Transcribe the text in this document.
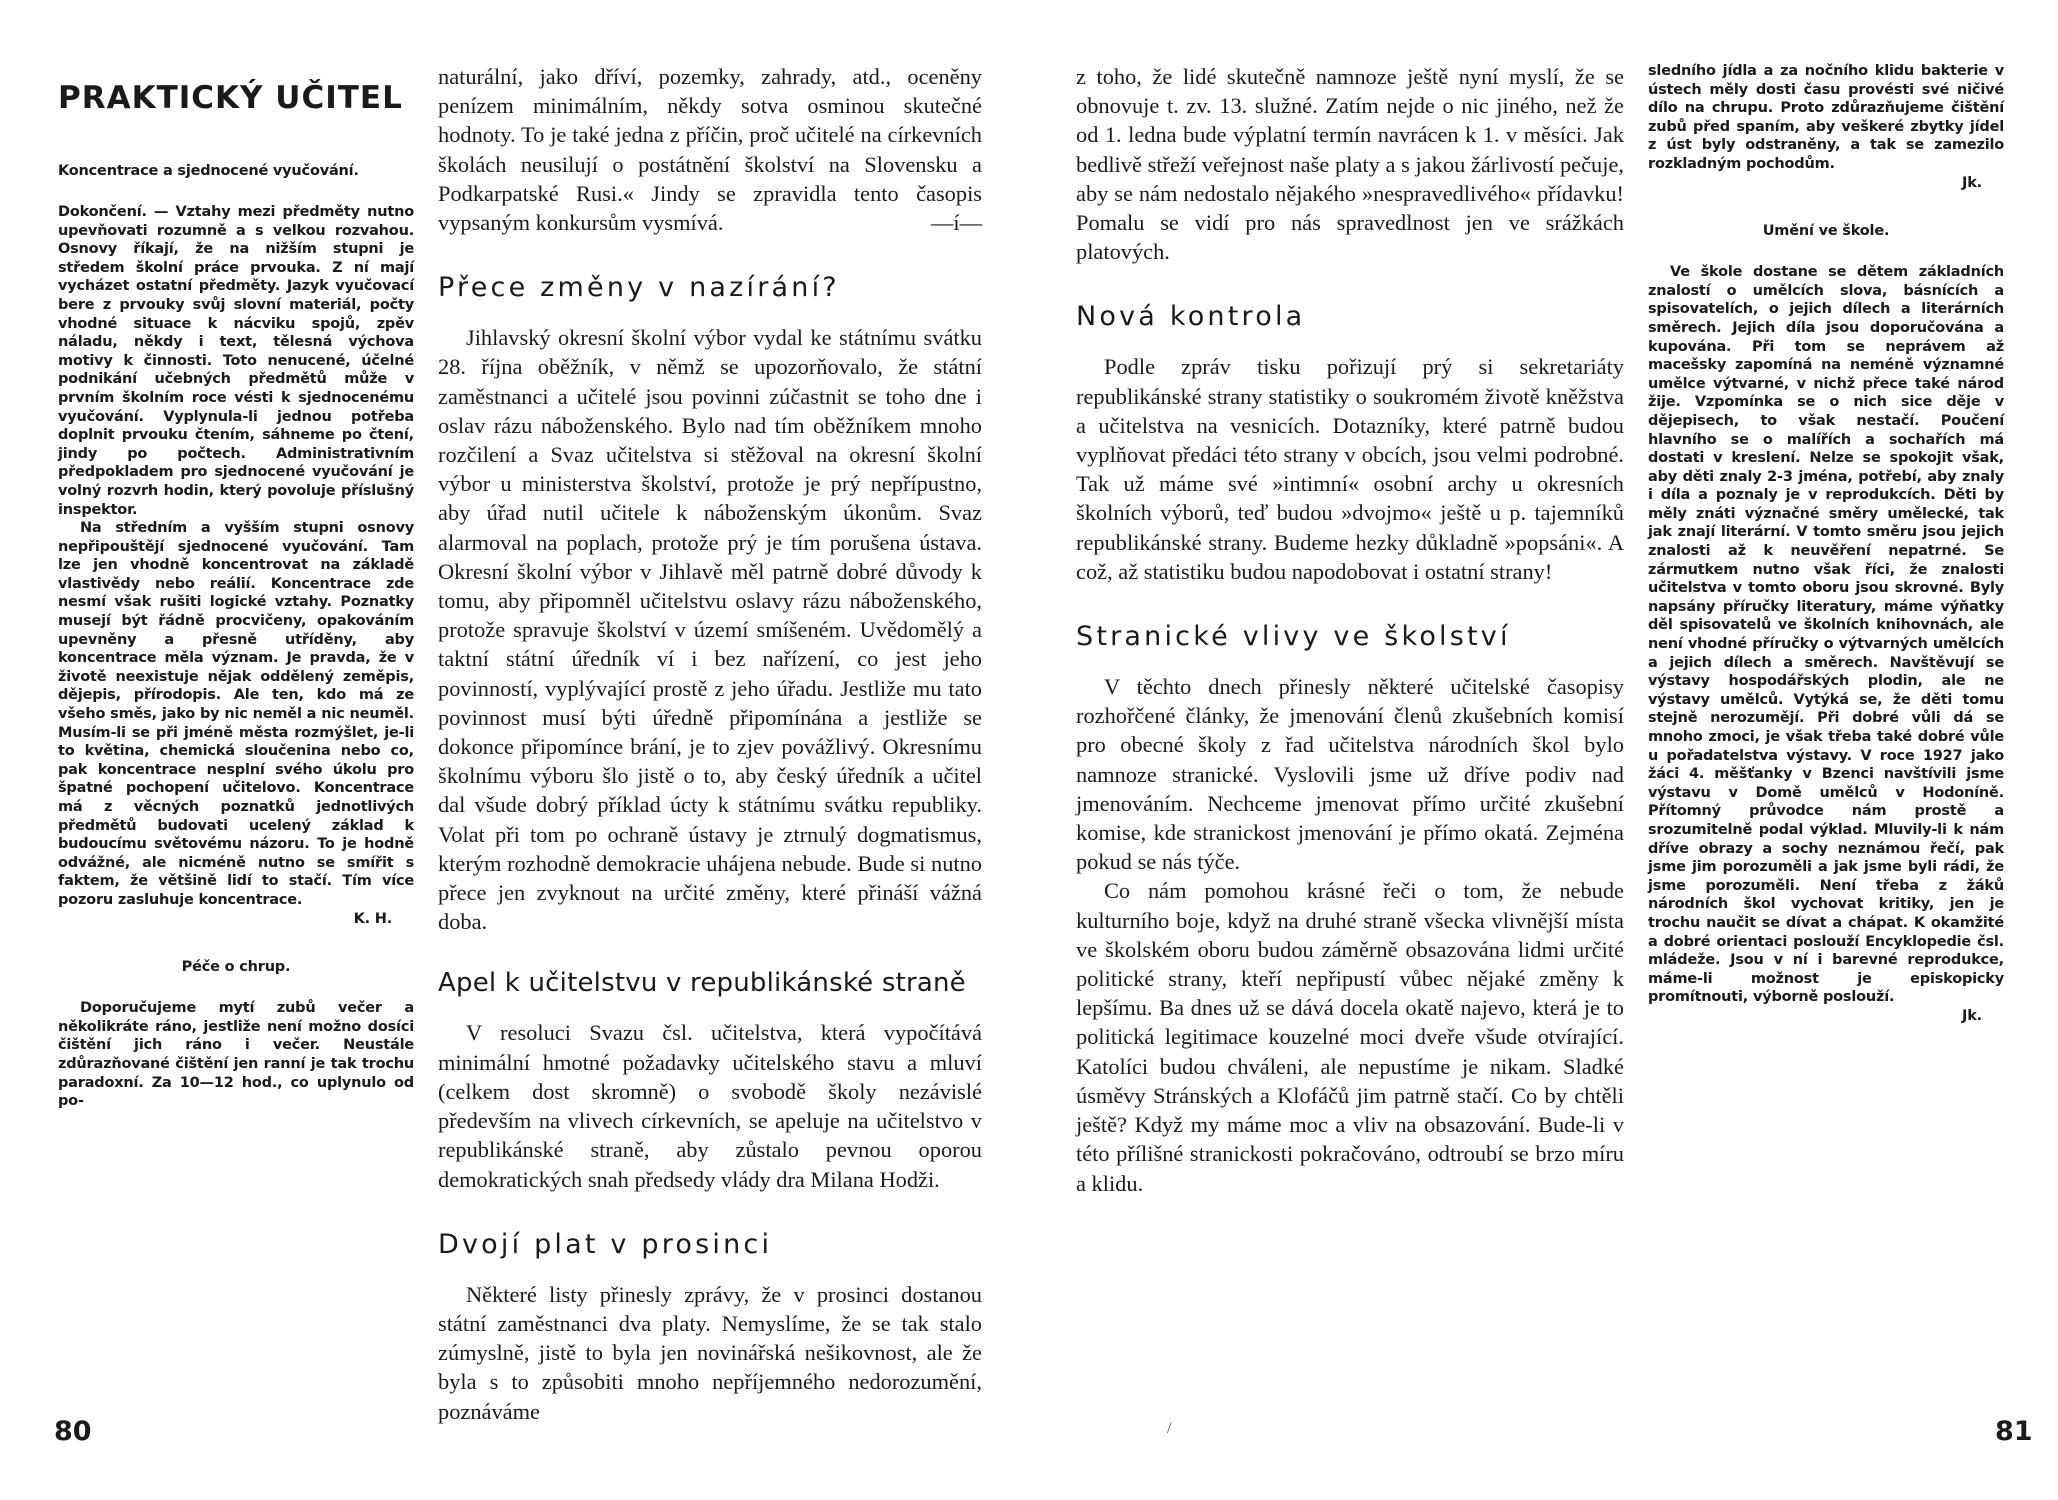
PRAKTICKÝ UČITEL
Koncentrace a sjednocené vyučování.

Dokončení. — Vztahy mezi předměty nutno upevňovati rozumně a s velkou rozvahou. Osnovy říkají, že na nižším stupni je středem školní práce prvouka. Z ní mají vycházet ostatní předměty. Jazyk vyučovací bere z prvouky svůj slovní materiál, počty vhodné situace k nácviku spojů, zpěv náladu, někdy i text, tělesná výchova motivy k činnosti. Toto nenucené, účelné podnikání učebných předmětů může v prvním školním roce vésti k sjednocenému vyučování. Vyplynula-li jednou potřeba doplnit prvouku čtením, sáhneme po čtení, jindy po počtech. Administrativním předpokladem pro sjednocené vyučování je volný rozvrh hodin, který povoluje příslušný inspektor.

Na středním a vyšším stupni osnovy nepřipouštějí sjednocené vyučování. Tam lze jen vhodně koncentrovat na základě vlastivědy nebo reálií. Koncentrace zde nesmí však rušiti logické vztahy. Poznatky musejí být řádně procvičeny, opakováním upevněny a přesně utříděny, aby koncentrace měla význam. Je pravda, že v životě neexistuje nějak oddělený zeměpis, dějepis, přírodopis. Ale ten, kdo má ze všeho směs, jako by nic neměl a nic neuměl. Musím-li se při jméně města rozmýšlet, je-li to květina, chemická sloučenina nebo co, pak koncentrace nesplní svého úkolu pro špatné pochopení učitelovo. Koncentrace má z věcných poznatků jednotlivých předmětů budovati ucelený základ k budoucímu světovému názoru. To je hodně odvážné, ale nicméně nutno se smířit s faktem, že většině lidí to stačí. Tím více pozoru zasluhuje koncentrace.

K. H.
Péče o chrup.

Doporučujeme mytí zubů večer a několikráte ráno, jestliže není možno dosíci čištění jich ráno i večer. Neustále zdůrazňované čištění jen ranní je tak trochu paradoxní. Za 10—12 hod., co uplynulo od po-

naturální, jako dříví, pozemky, zahrady, atd., oceněny penízem minimálním, někdy sotva osminou skutečné hodnoty. To je také jedna z příčin, proč učitelé na církevních školách neusilují o postátnění školství na Slovensku a Podkarpatské Rusi.« Jindy se zpravidla tento časopis vypsaným konkursům vysmívá.	—í—

Přece změny v nazírání?

Jihlavský okresní školní výbor vydal ke státnímu svátku 28. října oběžník, v němž se upozorňovalo, že státní zaměstnanci a učitelé jsou povinni zúčastnit se toho dne i oslav rázu náboženského. Bylo nad tím oběžníkem mnoho rozčilení a Svaz učitelstva si stěžoval na okresní školní výbor u ministerstva školství, protože je prý nepřípustno, aby úřad nutil učitele k náboženským úkonům. Svaz alarmoval na poplach, protože prý je tím porušena ústava. Okresní školní výbor v Jihlavě měl patrně dobré důvody k tomu, aby připomněl učitelstvu oslavy rázu náboženského, protože spravuje školství v území smíšeném. Uvědomělý a taktní státní úředník ví i bez nařízení, co jest jeho povinností, vyplývající prostě z jeho úřadu. Jestliže mu tato povinnost musí býti úředně připomínána a jestliže se dokonce připomínce brání, je to zjev povážlivý. Okresnímu školnímu výboru šlo jistě o to, aby český úředník a učitel dal všude dobrý příklad úcty k státnímu svátku republiky. Volat při tom po ochraně ústavy je ztrnulý dogmatismus, kterým rozhodně demokracie uhájena nebude. Bude si nutno přece jen zvyknout na určité změny, které přináší vážná doba.

Apel k učitelstvu v republikánské straně

V resoluci Svazu čsl. učitelstva, která vypočítává minimální hmotné požadavky učitelského stavu a mluví (celkem dost skromně) o svobodě školy nezávislé především na vlivech církevních, se apeluje na učitelstvo v republikánské straně, aby zůstalo pevnou oporou demokratických snah předsedy vlády dra Milana Hodži.

Dvojí plat v prosinci

Některé listy přinesly zprávy, že v prosinci dostanou státní zaměstnanci dva platy. Nemyslíme, že se tak stalo zúmyslně, jistě to byla jen novinářská nešikovnost, ale že byla s to způsobiti mnoho nepříjemného nedorozumění, poznáváme

80

z toho, že lidé skutečně namnoze ještě nyní myslí, že se obnovuje t. zv. 13. služné. Zatím nejde o nic jiného, než že od 1. ledna bude výplatní termín navrácen k 1. v měsíci. Jak bedlivě střeží veřejnost naše platy a s jakou žárlivostí pečuje, aby se nám nedostalo nějakého »nespravedlivého« přídavku! Pomalu se vidí pro nás spravedlnost jen ve srážkách platových.

Nová kontrola

Podle zpráv tisku pořizují prý si sekretariáty republikánské strany statistiky o soukromém životě kněžstva a učitelstva na vesnicích. Dotazníky, které patrně budou vyplňovat předáci této strany v obcích, jsou velmi podrobné. Tak už máme své »intimní« osobní archy u okresních školních výborů, teď budou »dvojmo« ještě u p. tajemníků republikánské strany. Budeme hezky důkladně »popsáni«. A což, až statistiku budou napodobovat i ostatní strany!

Stranické vlivy ve školství

V těchto dnech přinesly některé učitelské časopisy rozhořčené články, že jmenování členů zkušebních komisí pro obecné školy z řad učitelstva národních škol bylo namnoze stranické. Vyslovili jsme už dříve podiv nad jmenováním. Nechceme jmenovat přímo určité zkušební komise, kde stranickost jmenování je přímo okatá. Zejména pokud se nás týče.

Co nám pomohou krásné řeči o tom, že nebude kulturního boje, když na druhé straně všecka vlivnější místa ve školském oboru budou záměrně obsazována lidmi určité politické strany, kteří nepřipustí vůbec nějaké změny k lepšímu. Ba dnes už se dává docela okatě najevo, která je to politická legitimace kouzelné moci dveře všude otvírající. Katolíci budou chváleni, ale nepustíme je nikam. Sladké úsměvy Stránských a Klofáčů jim patrně stačí. Co by chtěli ještě? Když my máme moc a vliv na obsazování. Bude-li v této přílišné stranickosti pokračováno, odtroubí se brzo míru a klidu.

sledního jídla a za nočního klidu bakterie v ústech měly dosti času provésti své ničivé dílo na chrupu. Proto zdůrazňujeme čištění zubů před spaním, aby veškeré zbytky jídel z úst byly odstraněny, a tak se zamezilo rozkladným pochodům.

Jk.
Umění ve škole.

Ve škole dostane se dětem základních znalostí o umělcích slova, básnících a spisovatelích, o jejich dílech a literárních směrech. Jejich díla jsou doporučována a kupována. Při tom se neprávem až macešsky zapomíná na neméně významné umělce výtvarné, v nichž přece také národ žije. Vzpomínka se o nich sice děje v dějepisech, to však nestačí. Poučení hlavního se o malířích a sochařích má dostati v kreslení. Nelze se spokojit však, aby děti znaly 2-3 jména, potřebí, aby znaly i díla a poznaly je v reprodukcích. Děti by měly znáti význačné směry umělecké, tak jak znají literární. V tomto směru jsou jejich znalosti až k neuvěření nepatrné. Se zármutkem nutno však říci, že znalosti učitelstva v tomto oboru jsou skrovné. Byly napsány příručky literatury, máme výňatky děl spisovatelů ve školních knihovnách, ale není vhodné příručky o výtvarných umělcích a jejich dílech a směrech. Navštěvují se výstavy hospodářských plodin, ale ne výstavy umělců. Vytýká se, že děti tomu stejně nerozumějí. Při dobré vůli dá se mnoho zmoci, je však třeba také dobré vůle u pořadatelstva výstavy. V roce 1927 jako žáci 4. měšťanky v Bzenci navštívili jsme výstavu v Domě umělců v Hodoníně. Přítomný průvodce nám prostě a srozumitelně podal výklad. Mluvily-li k nám dříve obrazy a sochy neznámou řečí, pak jsme jim porozuměli a jak jsme byli rádi, že jsme porozuměli. Není třeba z žáků národních škol vychovat kritiky, jen je trochu naučit se dívat a chápat. K okamžité a dobré orientaci poslouží Encyklopedie čsl. mládeže. Jsou v ní i barevné reprodukce, máme-li možnost je episkopicky promítnouti, výborně poslouží.

Jk.
81
/
